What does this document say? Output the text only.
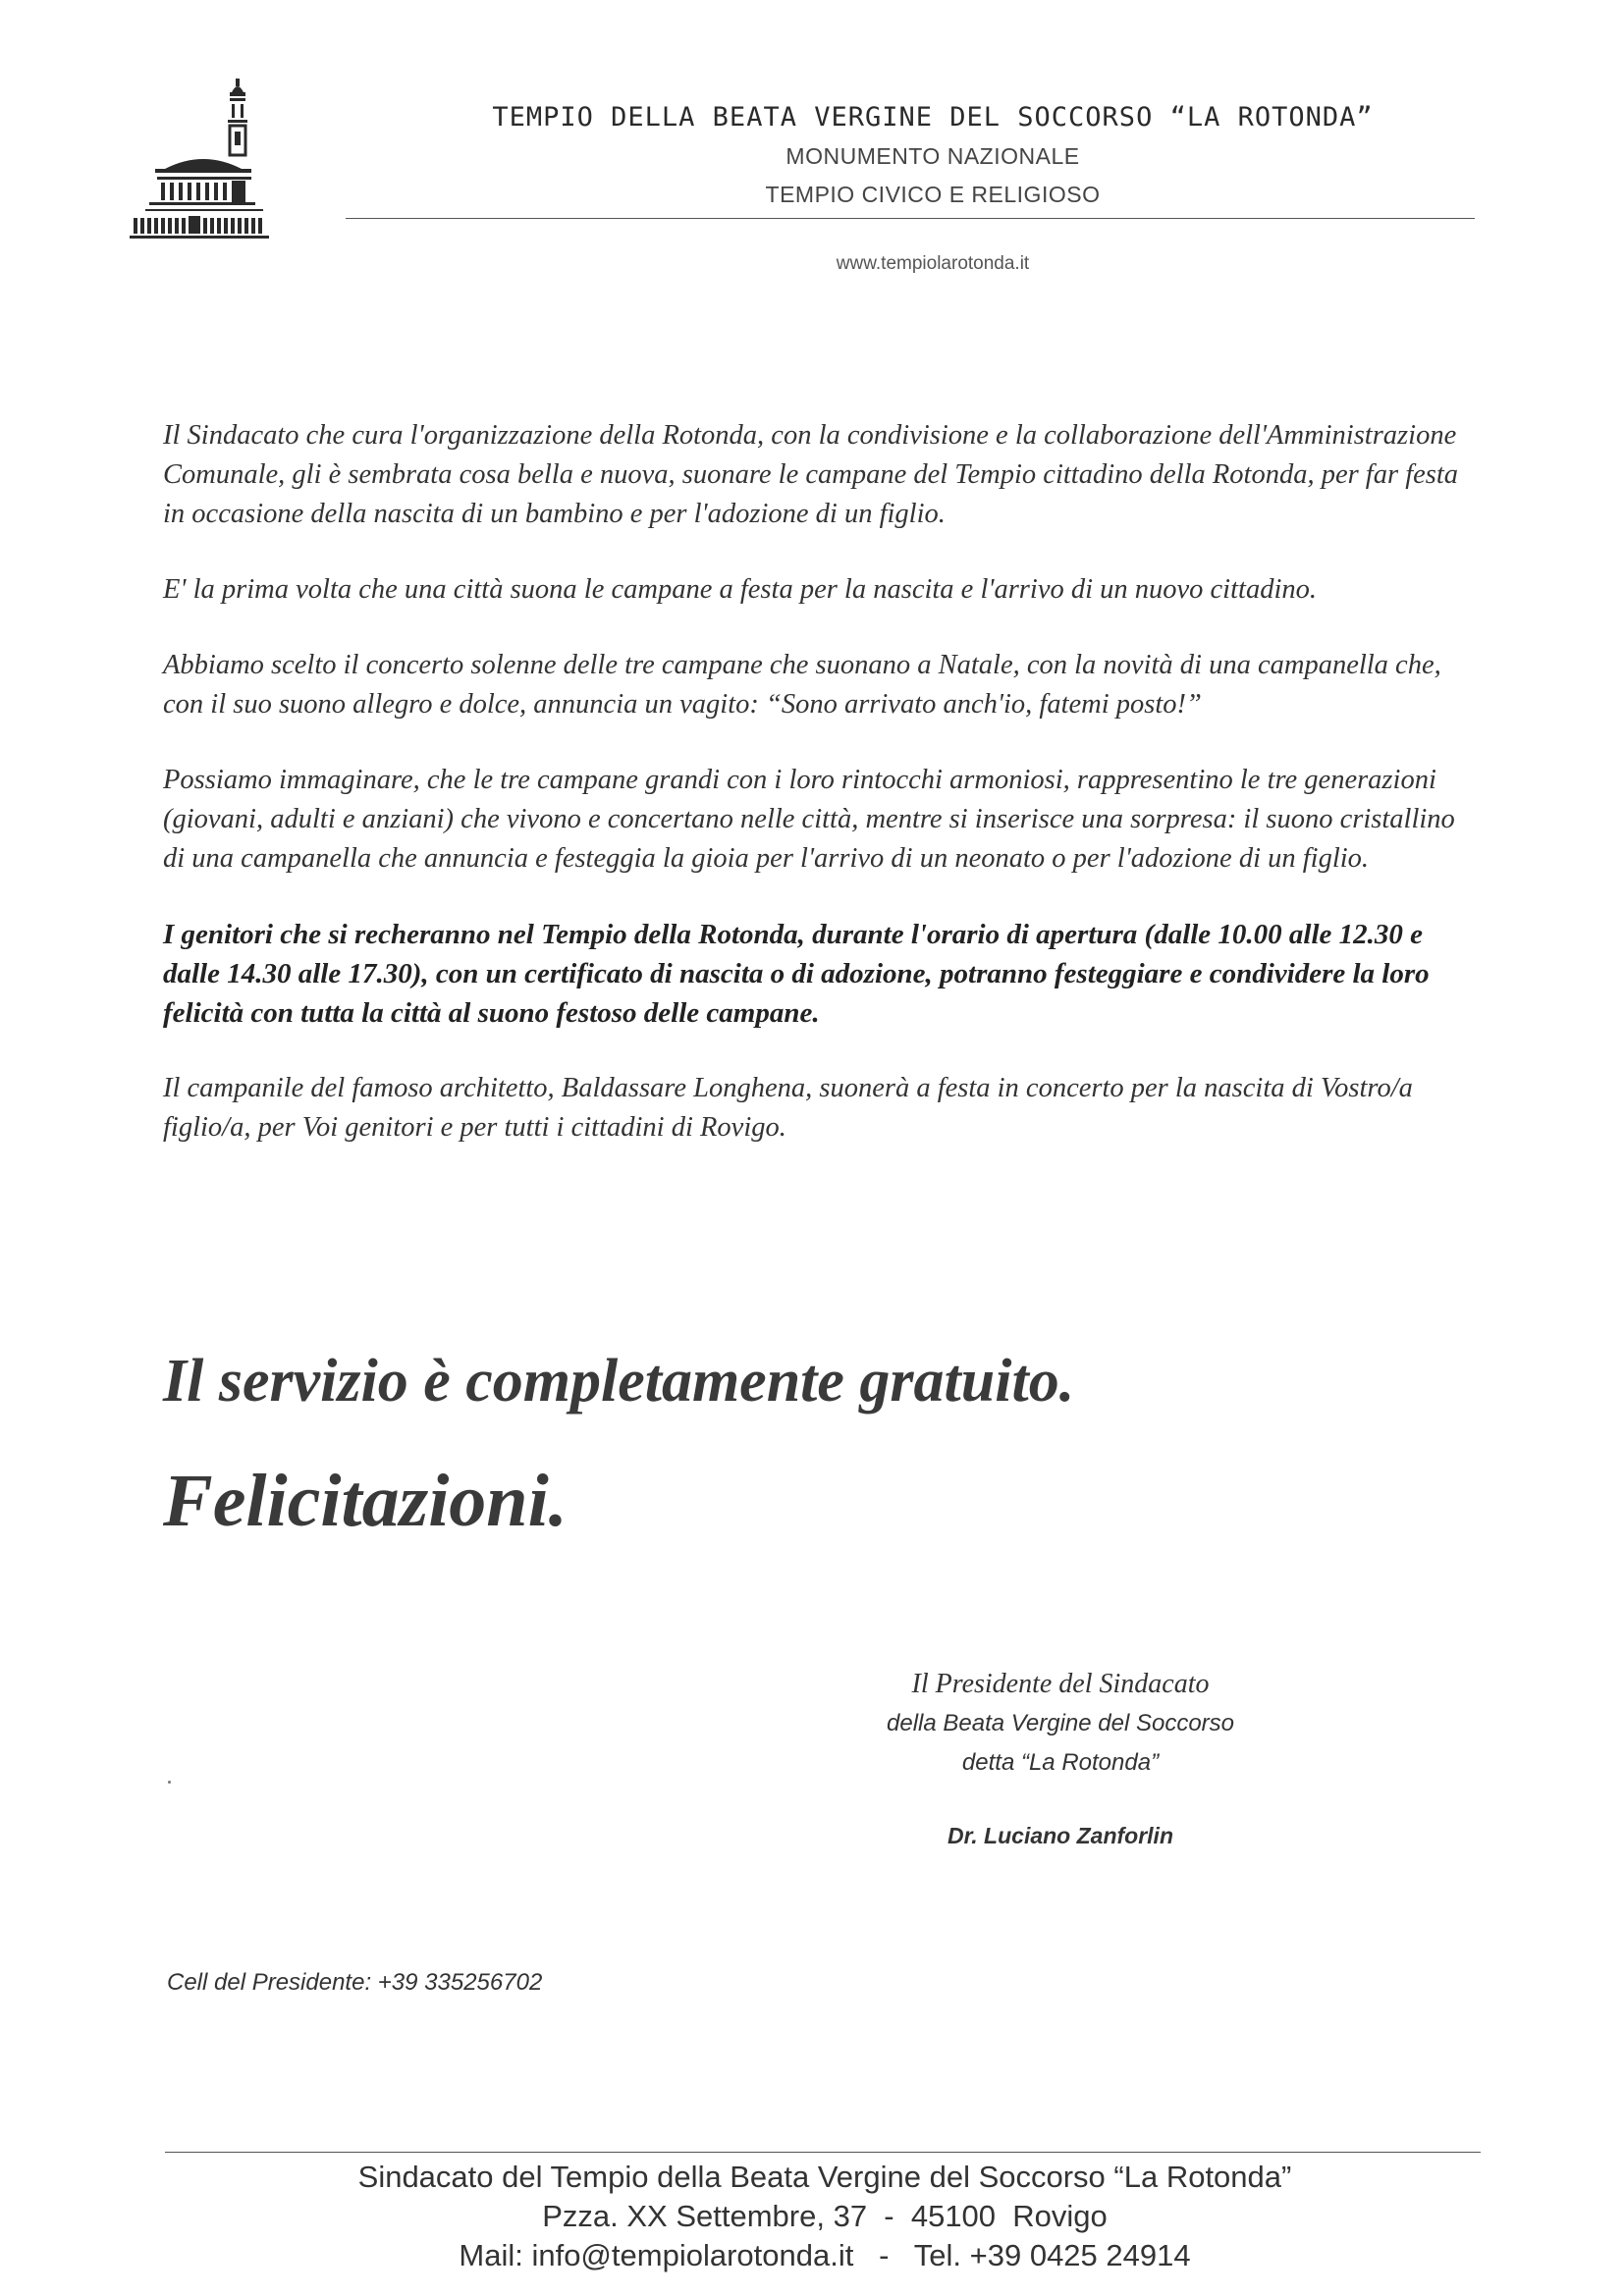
TEMPIO DELLA BEATA VERGINE DEL SOCCORSO “LA ROTONDA”
MONUMENTO NAZIONALE
TEMPIO CIVICO E RELIGIOSO
www.tempiolarotonda.it

Il Sindacato che cura l'organizzazione della Rotonda, con la condivisione e la collaborazione dell'Amministrazione Comunale, gli è sembrata cosa bella e nuova, suonare le campane del Tempio cittadino della Rotonda, per far festa in occasione della nascita di un bambino e per l'adozione di un figlio.

E' la prima volta che una città suona le campane a festa per la nascita e l'arrivo di un nuovo cittadino.

Abbiamo scelto il concerto solenne delle tre campane che suonano a Natale, con la novità di una campanella che, con il suo suono allegro e dolce, annuncia un vagito: “Sono arrivato anch'io, fatemi posto!”

Possiamo immaginare, che le tre campane grandi con i loro rintocchi armoniosi, rappresentino le tre generazioni (giovani, adulti e anziani) che vivono e concertano nelle città, mentre si inserisce una sorpresa: il suono cristallino di una campanella che annuncia e festeggia la gioia per l'arrivo di un neonato o per l'adozione di un figlio.

I genitori che si recheranno nel Tempio della Rotonda, durante l'orario di apertura (dalle 10.00 alle 12.30 e dalle 14.30 alle 17.30), con un certificato di nascita o di adozione, potranno festeggiare e condividere la loro felicità con tutta la città al suono festoso delle campane.

Il campanile del famoso architetto, Baldassare Longhena, suonerà a festa in concerto per la nascita di Vostro/a figlio/a, per Voi genitori e per tutti i cittadini di Rovigo.

Il servizio è completamente gratuito.
Felicitazioni.
Il Presidente del Sindacato
della Beata Vergine del Soccorso
detta “La Rotonda”
Dr. Luciano Zanforlin
Cell del Presidente: +39 335256702
Sindacato del Tempio della Beata Vergine del Soccorso “La Rotonda”
Pzza. XX Settembre, 37  -  45100  Rovigo
Mail: info@tempiolarotonda.it   -   Tel. +39 0425 24914
